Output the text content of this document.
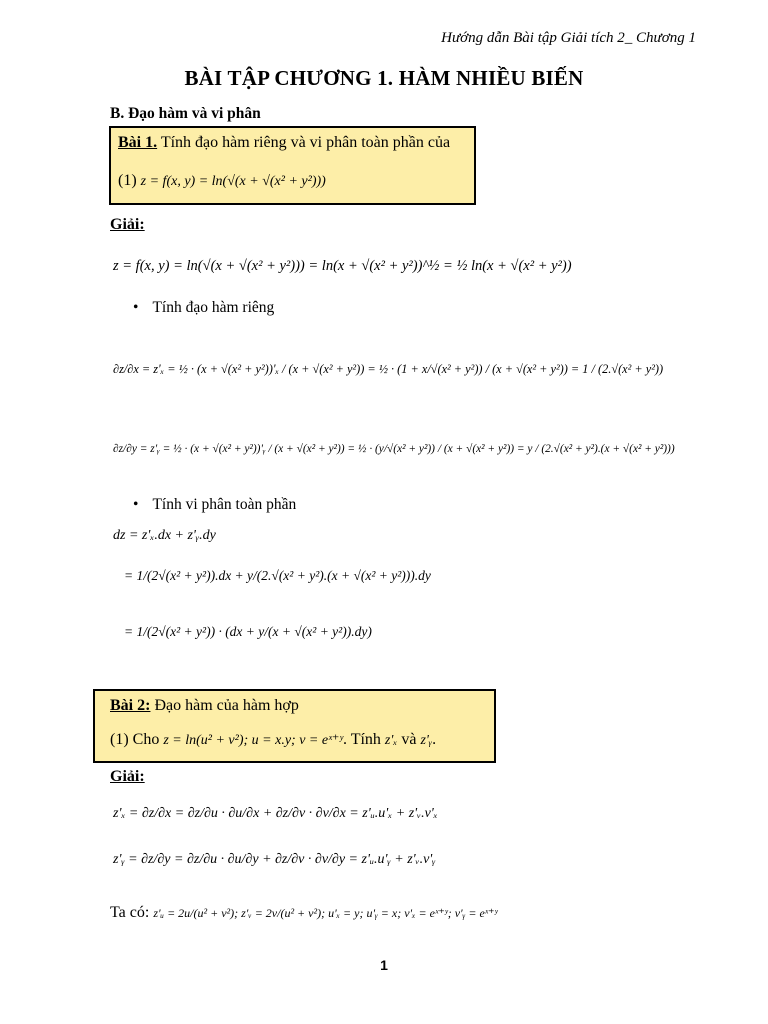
Hướng dẫn Bài tập Giải tích 2_ Chương 1
BÀI TẬP CHƯƠNG 1. HÀM NHIỀU BIẾN
B. Đạo hàm và vi phân
Bài 1. Tính đạo hàm riêng và vi phân toàn phần của
(1) z = f(x, y) = ln(√(x + √(x² + y²)))
Giải:
z = f(x, y) = ln(√(x + √(x² + y²))) = ln(x + √(x² + y²))^½ = ½ ln(x + √(x² + y²))
• Tính đạo hàm riêng
∂z/∂x = z'ₓ = ½ · (x + √(x² + y²))'ₓ / (x + √(x² + y²)) = ½ · (1 + x/√(x² + y²)) / (x + √(x² + y²)) = 1 / (2.√(x² + y²))
∂z/∂y = z'ᵧ = ½ · (x + √(x² + y²))'ᵧ / (x + √(x² + y²)) = ½ · (y/√(x² + y²)) / (x + √(x² + y²)) = y / (2.√(x² + y²).(x + √(x² + y²)))
• Tính vi phân toàn phần
dz = z'ₓ.dx + z'ᵧ.dy
= 1/(2√(x² + y²)).dx + y/(2.√(x² + y²).(x + √(x² + y²))).dy
= 1/(2√(x² + y²)) · (dx + y/(x + √(x² + y²)).dy)
Bài 2: Đạo hàm của hàm hợp
(1) Cho z = ln(u² + v²); u = x.y; v = eˣ⁺ʸ. Tính z'ₓ và z'ᵧ.
Giải:
z'ₓ = ∂z/∂x = ∂z/∂u · ∂u/∂x + ∂z/∂v · ∂v/∂x = z'ᵤ.u'ₓ + z'ᵥ.v'ₓ
z'ᵧ = ∂z/∂y = ∂z/∂u · ∂u/∂y + ∂z/∂v · ∂v/∂y = z'ᵤ.u'ᵧ + z'ᵥ.v'ᵧ
Ta có: z'ᵤ = 2u/(u² + v²); z'ᵥ = 2v/(u² + v²); u'ₓ = y; u'ᵧ = x; v'ₓ = eˣ⁺ʸ; v'ᵧ = eˣ⁺ʸ
1
